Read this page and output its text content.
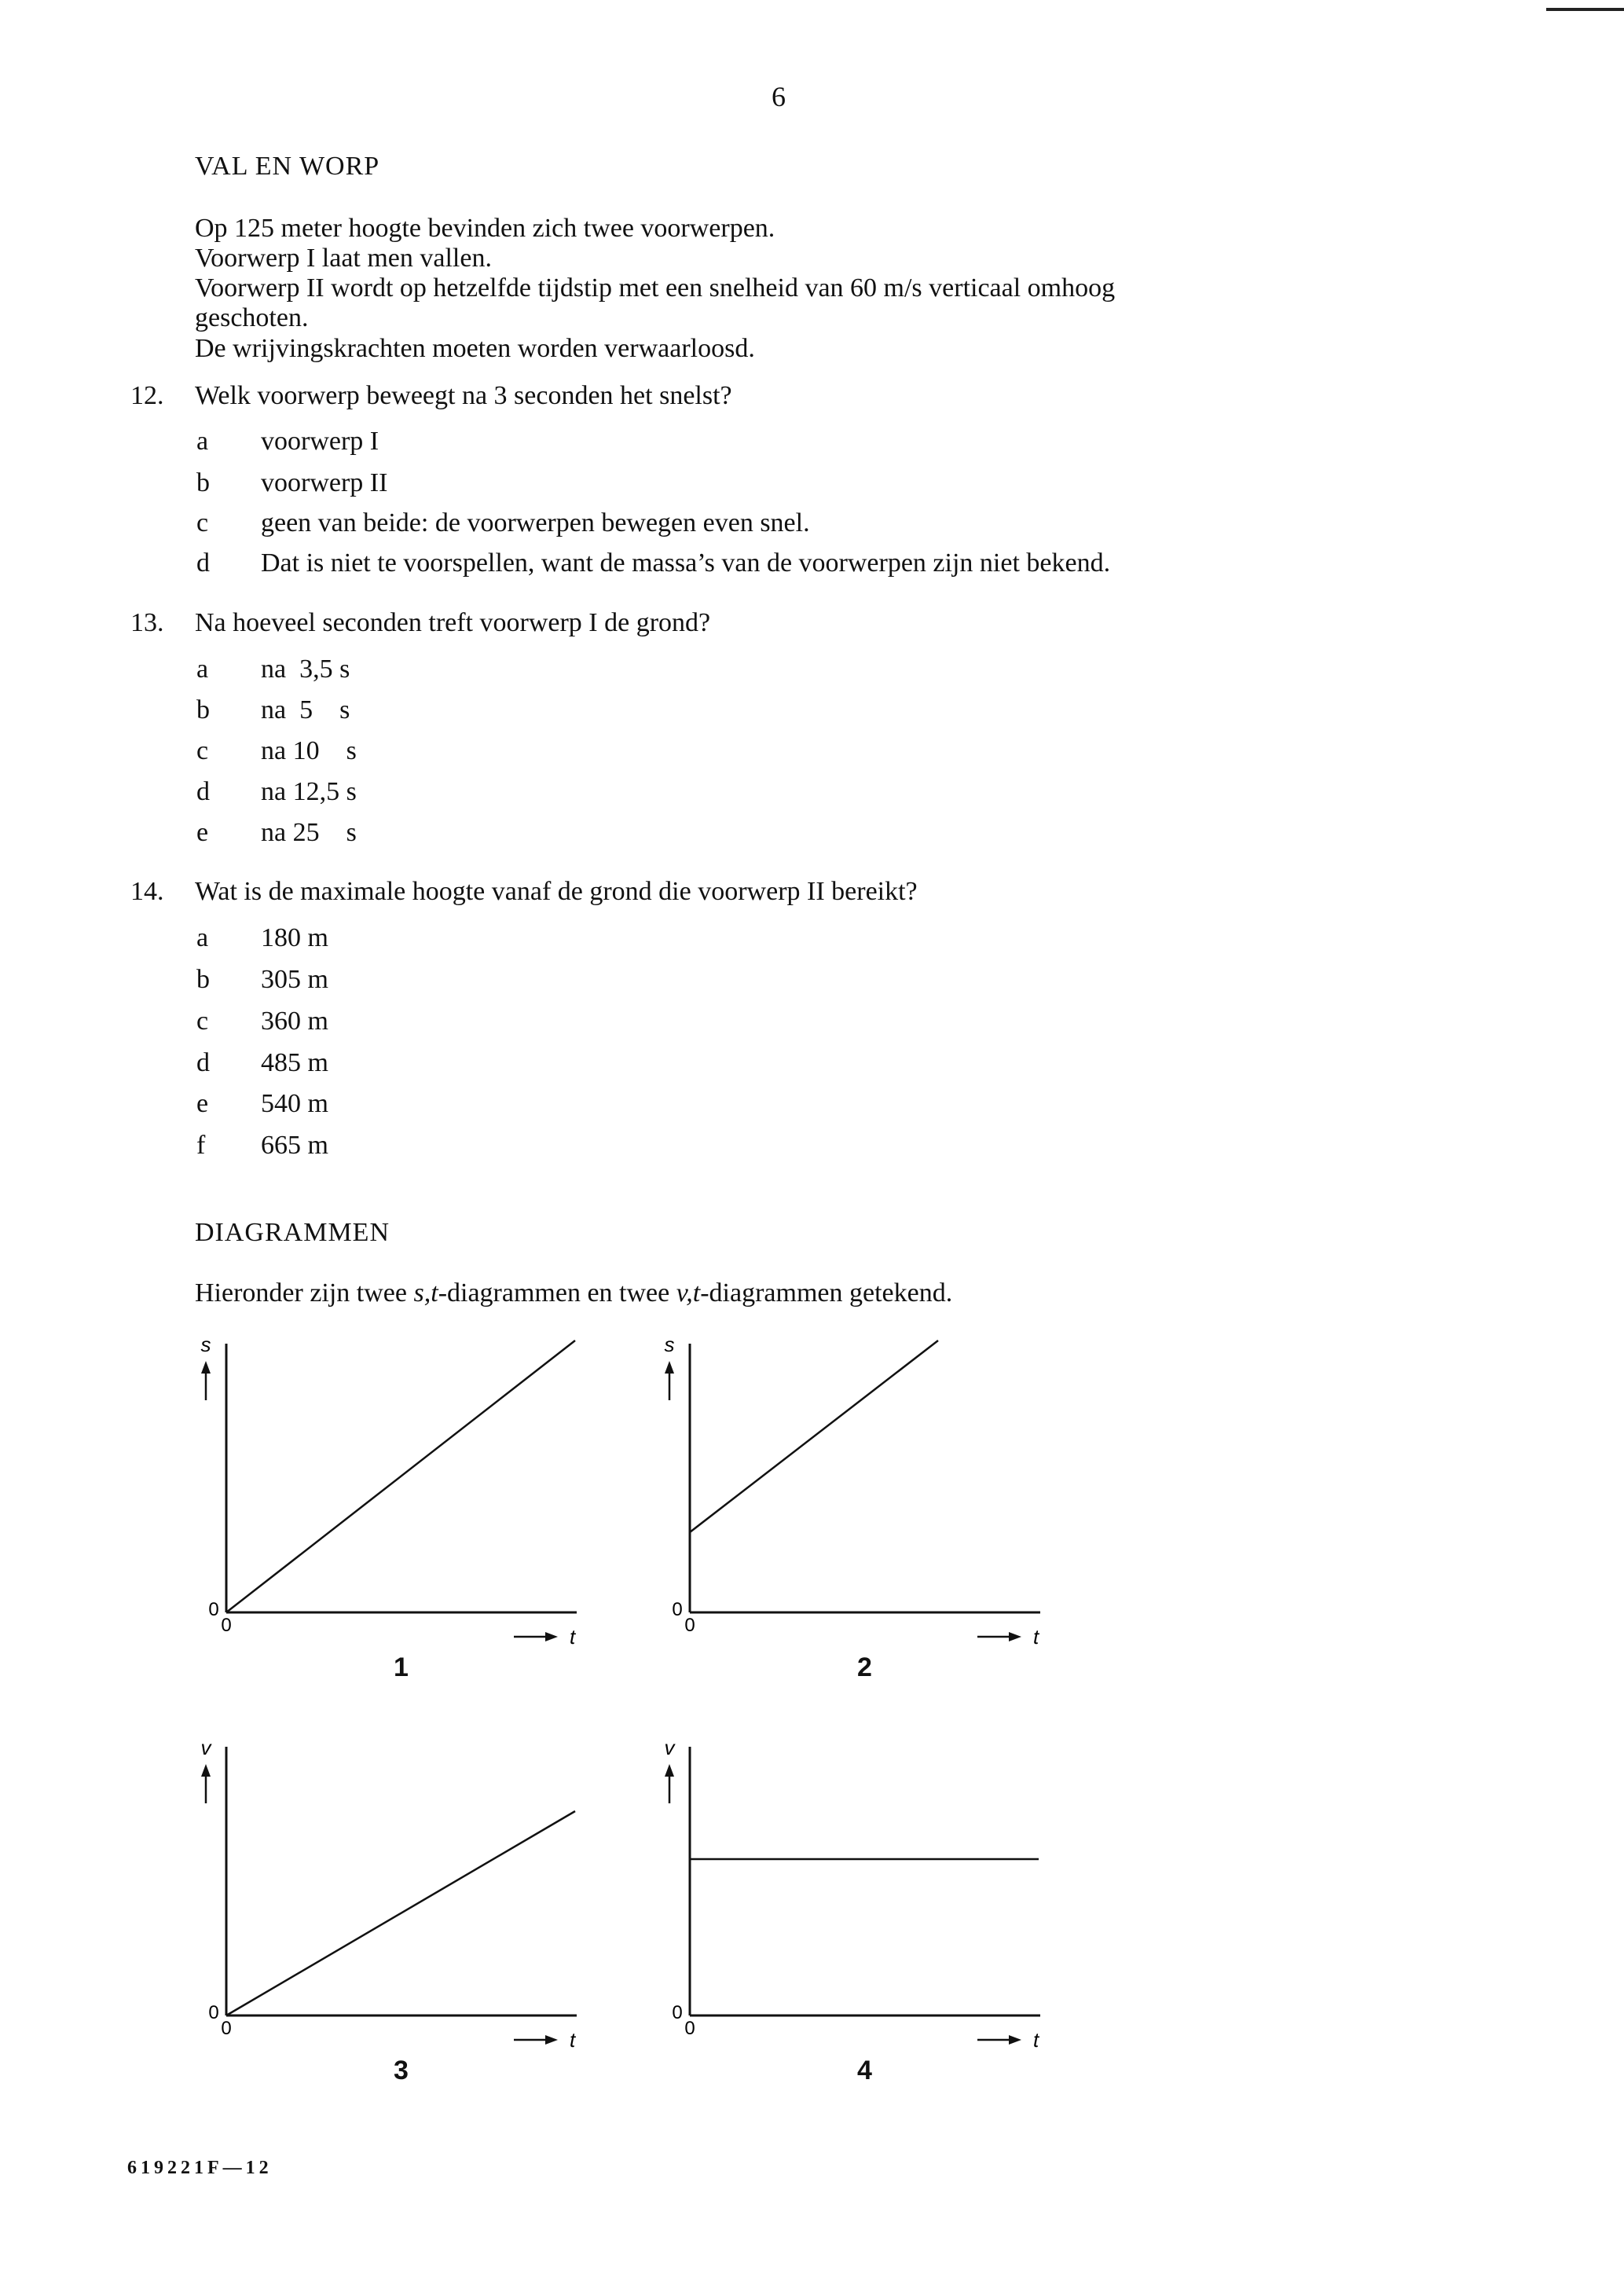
6
VAL EN WORP
Op 125 meter hoogte bevinden zich twee voorwerpen.
Voorwerp I laat men vallen.
Voorwerp II wordt op hetzelfde tijdstip met een snelheid van 60 m/s verticaal omhoog
geschoten.
De wrijvingskrachten moeten worden verwaarloosd.
12. Welk voorwerp beweegt na 3 seconden het snelst?
a voorwerp I
b voorwerp II
c geen van beide: de voorwerpen bewegen even snel.
d Dat is niet te voorspellen, want de massa’s van de voorwerpen zijn niet bekend.
13. Na hoeveel seconden treft voorwerp I de grond?
a na  3,5 s
b na  5    s
c na 10    s
d na 12,5 s
e na 25    s
14. Wat is de maximale hoogte vanaf de grond die voorwerp II bereikt?
a 180 m
b 305 m
c 360 m
d 485 m
e 540 m
f 665 m
DIAGRAMMEN
Hieronder zijn twee s,t-diagrammen en twee v,t-diagrammen getekend.
s
0
0	t
1
s
0
0	t
2
v
0
0	t
3
v
0
0	t
4
619221F—12
